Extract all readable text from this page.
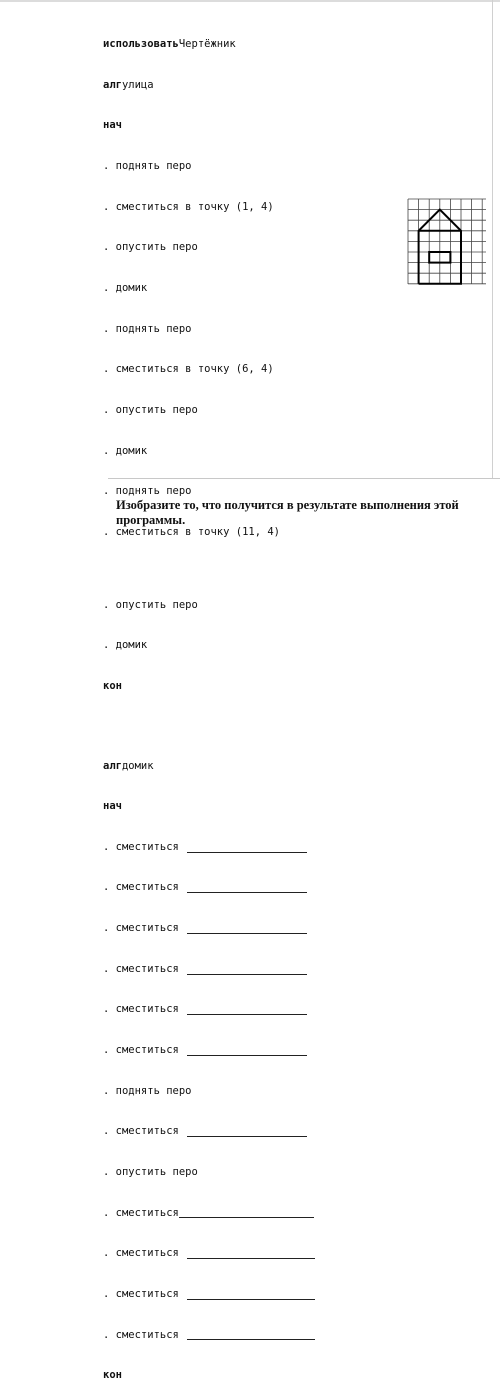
использовать Чертёжник

алг улица

нач

. поднять перо

. сместиться в точку (1, 4)

. опустить перо

. домик

. поднять перо

. сместиться в точку (6, 4)

. опустить перо

. домик

. поднять перо

. сместиться в точку (11, 4)

. опустить перо

. домик

кон

алг домик

нач

. сместиться

. сместиться

. сместиться

. сместиться

. сместиться

. сместиться

. поднять перо

. сместиться

. опустить перо

. сместиться

. сместиться

. сместиться

. сместиться

кон

Изобразите то, что получится в результате выполнения этой
программы.
